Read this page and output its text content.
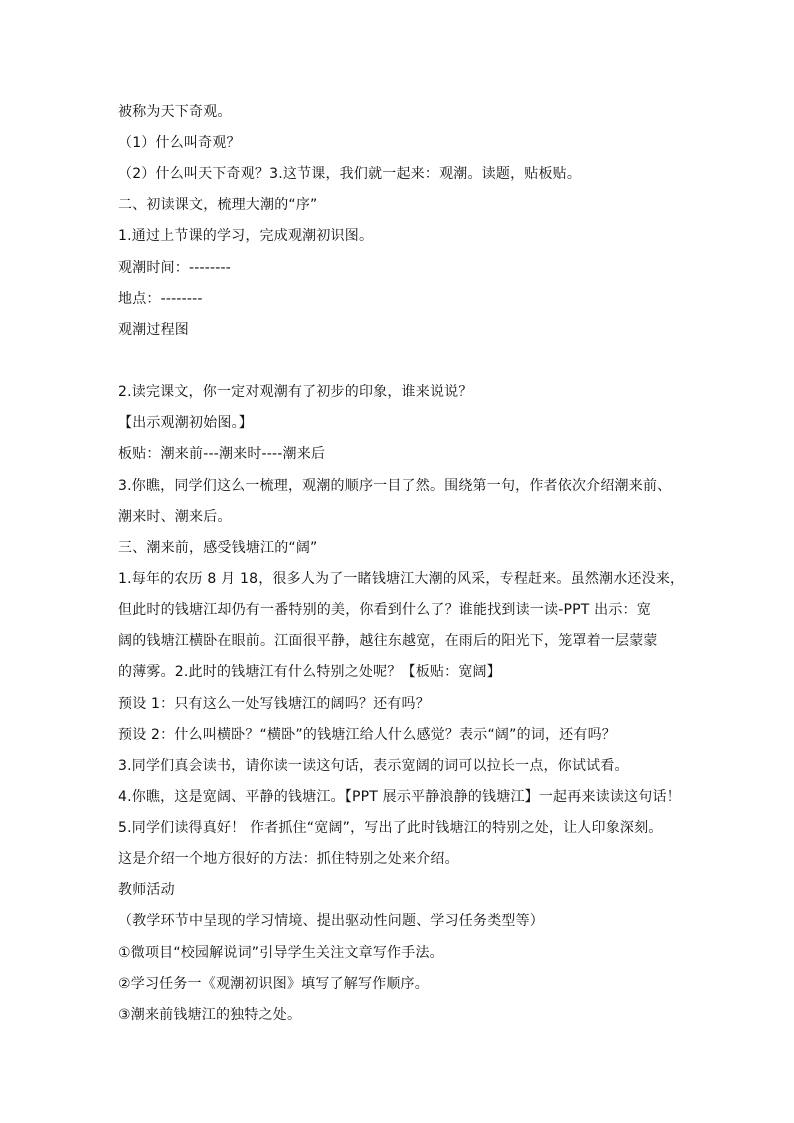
被称为天下奇观。
（1）什么叫奇观？
（2）什么叫天下奇观？3.这节课，我们就一起来：观潮。读题，贴板贴。
二、初读课文，梳理大潮的“序”
1.通过上节课的学习，完成观潮初识图。
观潮时间：--------
地点：--------
观潮过程图
2.读完课文，你一定对观潮有了初步的印象，谁来说说？
【出示观潮初始图。】
板贴：潮来前---潮来时----潮来后
3.你瞧，同学们这么一梳理，观潮的顺序一目了然。围绕第一句，作者依次介绍潮来前、
潮来时、潮来后。
三、潮来前，感受钱塘江的“阔”
1.每年的农历 8 月 18，很多人为了一睹钱塘江大潮的风采，专程赶来。虽然潮水还没来，
但此时的钱塘江却仍有一番特别的美，你看到什么了？谁能找到读一读-PPT 出示：宽
阔的钱塘江横卧在眼前。江面很平静，越往东越宽，在雨后的阳光下，笼罩着一层蒙蒙
的薄雾。2.此时的钱塘江有什么特别之处呢？【板贴：宽阔】
预设 1：只有这么一处写钱塘江的阔吗？还有吗？
预设 2：什么叫横卧？“横卧”的钱塘江给人什么感觉？表示“阔”的词，还有吗？
3.同学们真会读书，请你读一读这句话，表示宽阔的词可以拉长一点，你试试看。
4.你瞧，这是宽阔、平静的钱塘江。【PPT 展示平静浪静的钱塘江】一起再来读读这句话！
5.同学们读得真好！ 作者抓住“宽阔”，写出了此时钱塘江的特别之处，让人印象深刻。
这是介绍一个地方很好的方法：抓住特别之处来介绍。
教师活动
（教学环节中呈现的学习情境、提出驱动性问题、学习任务类型等）
①微项目“校园解说词”引导学生关注文章写作手法。
②学习任务一《观潮初识图》填写了解写作顺序。
③潮来前钱塘江的独特之处。
